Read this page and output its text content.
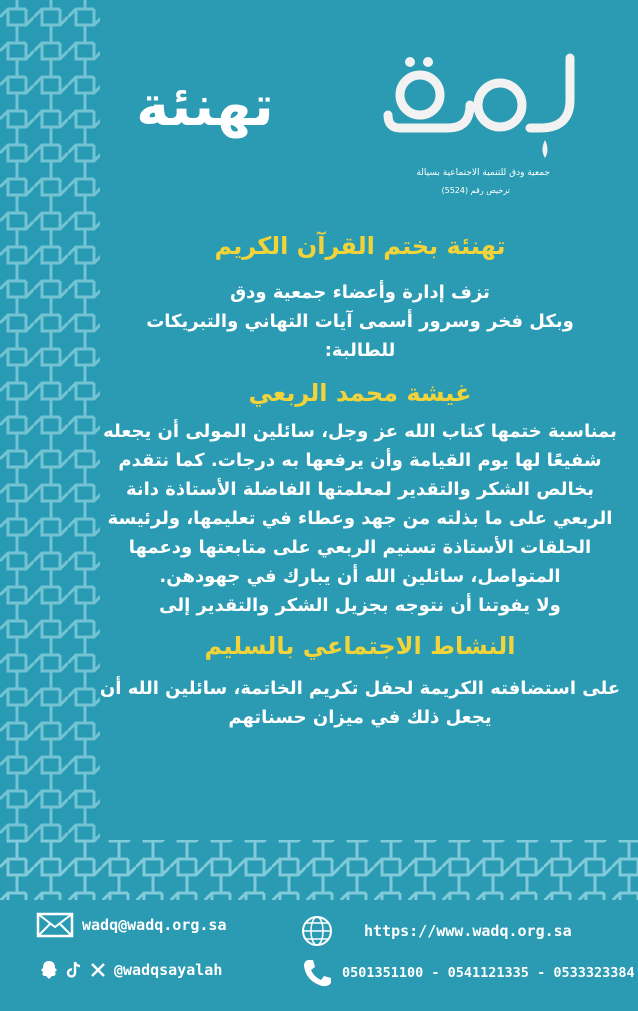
جمعية ودق للتنمية الاجتماعية بسيالة
ترخيص رقم (5524)
تهنئة
تهنئة بختم القرآن الكريم

تزف إدارة وأعضاء جمعية ودق

وبكل فخر وسرور أسمى آيات التهاني والتبريكات

للطالبة:

غيشة محمد الربعي

بمناسبة ختمها كتاب الله عز وجل، سائلين المولى أن يجعله شفيعًا لها يوم القيامة وأن يرفعها به درجات. كما نتقدم بخالص الشكر والتقدير لمعلمتها الفاضلة الأستاذة دانة الربعي على ما بذلته من جهد وعطاء في تعليمها، ولرئيسة الحلقات الأستاذة تسنيم الربعي على متابعتها ودعمها المتواصل، سائلين الله أن يبارك في جهودهن.

ولا يفوتنا أن نتوجه بجزيل الشكر والتقدير إلى

النشاط الاجتماعي بالسليم

على استضافته الكريمة لحفل تكريم الخاتمة، سائلين الله أن يجعل ذلك في ميزان حسناتهم

wadq@wadq.org.sa	https://www.wadq.org.sa
@wadqsayalah	0501351100 - 0541121335 - 0533323384
